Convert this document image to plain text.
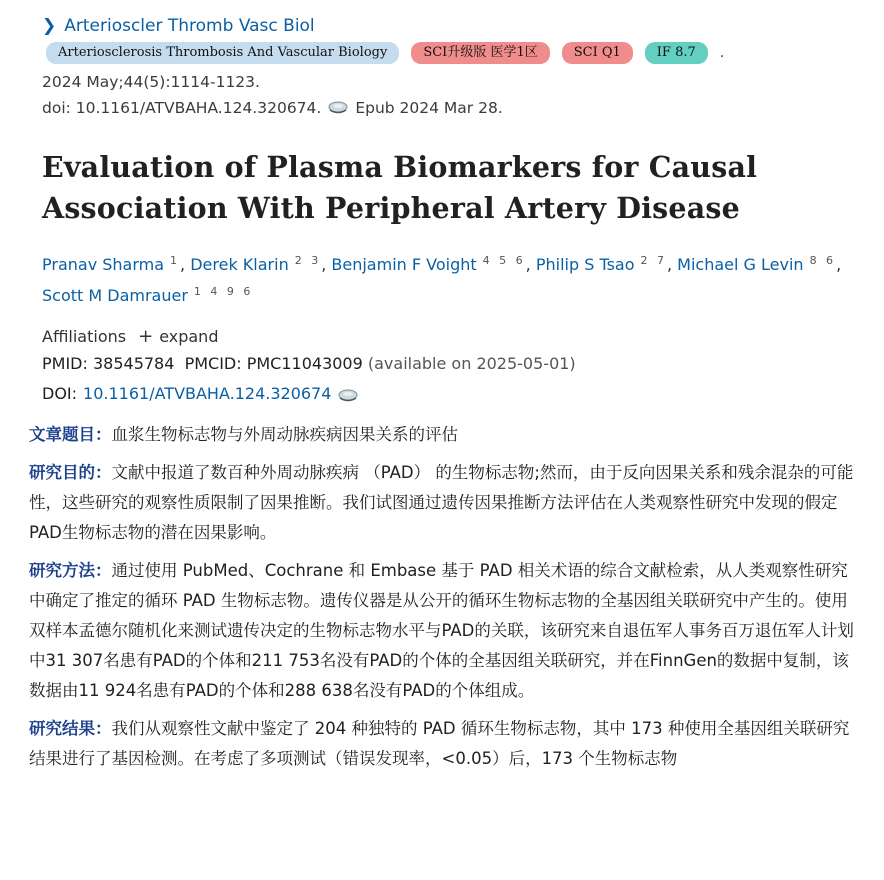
❯ Arterioscler Thromb Vasc Biol
Arteriosclerosis Thrombosis And Vascular Biology	SCI升级版 医学1区	SCI Q1	IF 8.7	.
2024 May;44(5):1114-1123.
doi: 10.1161/ATVBAHA.124.320674. Epub 2024 Mar 28.
Evaluation of Plasma Biomarkers for Causal Association With Peripheral Artery Disease
Pranav Sharma $^1$, Derek Klarin $^{2 3}$, Benjamin F Voight $^{4 5 6}$, Philip S Tsao $^{2 7}$, Michael G Levin $^{8 6}$,
Scott M Damrauer $^{1 4 9 6}$
Affiliations + expand
PMID: 38545784 PMCID: PMC11043009 (available on 2025-05-01)
DOI: 10.1161/ATVBAHA.124.320674

文章题目：血浆生物标志物与外周动脉疾病因果关系的评估

研究目的：文献中报道了数百种外周动脉疾病 （PAD） 的生物标志物;然而，由于反向因果关系和残余混杂的可能性，这些研究的观察性质限制了因果推断。我们试图通过遗传因果推断方法评估在人类观察性研究中发现的假定PAD生物标志物的潜在因果影响。

研究方法：通过使用 PubMed、Cochrane 和 Embase 基于 PAD 相关术语的综合文献检索，从人类观察性研究中确定了推定的循环 PAD 生物标志物。遗传仪器是从公开的循环生物标志物的全基因组关联研究中产生的。使用双样本孟德尔随机化来测试遗传决定的生物标志物水平与PAD的关联，该研究来自退伍军人事务百万退伍军人计划中31 307名患有PAD的个体和211 753名没有PAD的个体的全基因组关联研究，并在FinnGen的数据中复制，该数据由11 924名患有PAD的个体和288 638名没有PAD的个体组成。

研究结果：我们从观察性文献中鉴定了 204 种独特的 PAD 循环生物标志物，其中 173 种使用全基因组关联研究结果进行了基因检测。在考虑了多项测试（错误发现率，<0.05）后，173 个生物标志物
